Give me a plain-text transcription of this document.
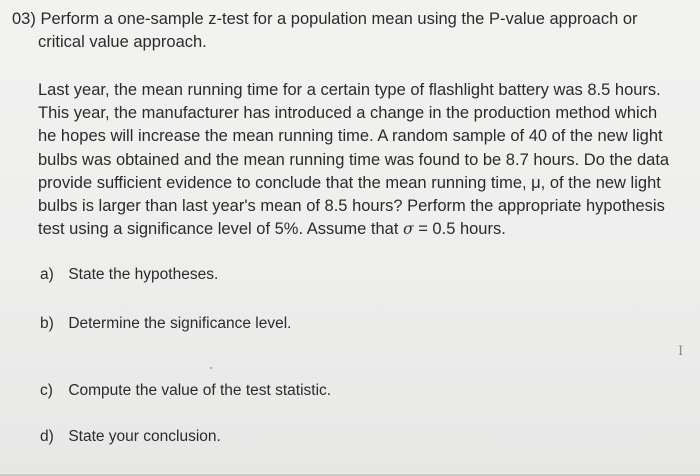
03) Perform a one-sample z-test for a population mean using the P-value approach or
critical value approach.
Last year, the mean running time for a certain type of flashlight battery was 8.5 hours.
This year, the manufacturer has introduced a change in the production method which
he hopes will increase the mean running time. A random sample of 40 of the new light
bulbs was obtained and the mean running time was found to be 8.7 hours. Do the data
provide sufficient evidence to conclude that the mean running time, μ, of the new light
bulbs is larger than last year's mean of 8.5 hours? Perform the appropriate hypothesis
test using a significance level of 5%. Assume that σ = 0.5 hours.
a) State the hypotheses.
b) Determine the significance level.
I
c) Compute the value of the test statistic.
d) State your conclusion.
